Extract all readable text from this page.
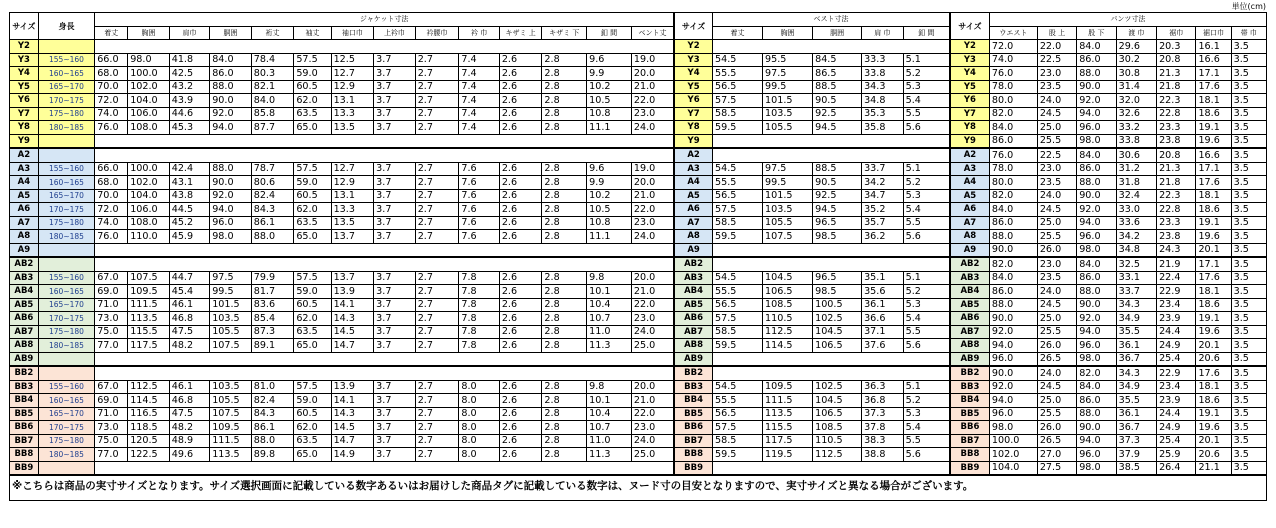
単位(cm)
サイズ	身長	ジャケット寸法														サイズ	ベスト寸法					サイズ	パンツ寸法						
		着丈	胸囲	肩巾	胴囲	裄丈	袖丈	袖口巾	上衿巾	衿腰巾	衿 巾	キザミ 上	キザミ 下	釦 間	ベント丈		着丈	胸囲	胴囲	肩 巾	釦 間		ウエスト	股 上	股 下	渡 巾	裾巾	裾口巾	帯 巾
Y2																Y2						Y2	72.0	22.0	84.0	29.6	20.3	16.1	3.5
Y3	155~160	66.0	98.0	41.8	84.0	78.4	57.5	12.5	3.7	2.7	7.4	2.6	2.8	9.6	19.0	Y3	54.5	95.5	84.5	33.3	5.1	Y3	74.0	22.5	86.0	30.2	20.8	16.6	3.5
Y4	160~165	68.0	100.0	42.5	86.0	80.3	59.0	12.7	3.7	2.7	7.4	2.6	2.8	9.9	20.0	Y4	55.5	97.5	86.5	33.8	5.2	Y4	76.0	23.0	88.0	30.8	21.3	17.1	3.5
Y5	165~170	70.0	102.0	43.2	88.0	82.1	60.5	12.9	3.7	2.7	7.4	2.6	2.8	10.2	21.0	Y5	56.5	99.5	88.5	34.3	5.3	Y5	78.0	23.5	90.0	31.4	21.8	17.6	3.5
Y6	170~175	72.0	104.0	43.9	90.0	84.0	62.0	13.1	3.7	2.7	7.4	2.6	2.8	10.5	22.0	Y6	57.5	101.5	90.5	34.8	5.4	Y6	80.0	24.0	92.0	32.0	22.3	18.1	3.5
Y7	175~180	74.0	106.0	44.6	92.0	85.8	63.5	13.3	3.7	2.7	7.4	2.6	2.8	10.8	23.0	Y7	58.5	103.5	92.5	35.3	5.5	Y7	82.0	24.5	94.0	32.6	22.8	18.6	3.5
Y8	180~185	76.0	108.0	45.3	94.0	87.7	65.0	13.5	3.7	2.7	7.4	2.6	2.8	11.1	24.0	Y8	59.5	105.5	94.5	35.8	5.6	Y8	84.0	25.0	96.0	33.2	23.3	19.1	3.5
Y9																Y9						Y9	86.0	25.5	98.0	33.8	23.8	19.6	3.5
A2																A2						A2	76.0	22.5	84.0	30.6	20.8	16.6	3.5
A3	155~160	66.0	100.0	42.4	88.0	78.7	57.5	12.7	3.7	2.7	7.6	2.6	2.8	9.6	19.0	A3	54.5	97.5	88.5	33.7	5.1	A3	78.0	23.0	86.0	31.2	21.3	17.1	3.5
A4	160~165	68.0	102.0	43.1	90.0	80.6	59.0	12.9	3.7	2.7	7.6	2.6	2.8	9.9	20.0	A4	55.5	99.5	90.5	34.2	5.2	A4	80.0	23.5	88.0	31.8	21.8	17.6	3.5
A5	165~170	70.0	104.0	43.8	92.0	82.4	60.5	13.1	3.7	2.7	7.6	2.6	2.8	10.2	21.0	A5	56.5	101.5	92.5	34.7	5.3	A5	82.0	24.0	90.0	32.4	22.3	18.1	3.5
A6	170~175	72.0	106.0	44.5	94.0	84.3	62.0	13.3	3.7	2.7	7.6	2.6	2.8	10.5	22.0	A6	57.5	103.5	94.5	35.2	5.4	A6	84.0	24.5	92.0	33.0	22.8	18.6	3.5
A7	175~180	74.0	108.0	45.2	96.0	86.1	63.5	13.5	3.7	2.7	7.6	2.6	2.8	10.8	23.0	A7	58.5	105.5	96.5	35.7	5.5	A7	86.0	25.0	94.0	33.6	23.3	19.1	3.5
A8	180~185	76.0	110.0	45.9	98.0	88.0	65.0	13.7	3.7	2.7	7.6	2.6	2.8	11.1	24.0	A8	59.5	107.5	98.5	36.2	5.6	A8	88.0	25.5	96.0	34.2	23.8	19.6	3.5
A9																A9						A9	90.0	26.0	98.0	34.8	24.3	20.1	3.5
AB2																AB2						AB2	82.0	23.0	84.0	32.5	21.9	17.1	3.5
AB3	155~160	67.0	107.5	44.7	97.5	79.9	57.5	13.7	3.7	2.7	7.8	2.6	2.8	9.8	20.0	AB3	54.5	104.5	96.5	35.1	5.1	AB3	84.0	23.5	86.0	33.1	22.4	17.6	3.5
AB4	160~165	69.0	109.5	45.4	99.5	81.7	59.0	13.9	3.7	2.7	7.8	2.6	2.8	10.1	21.0	AB4	55.5	106.5	98.5	35.6	5.2	AB4	86.0	24.0	88.0	33.7	22.9	18.1	3.5
AB5	165~170	71.0	111.5	46.1	101.5	83.6	60.5	14.1	3.7	2.7	7.8	2.6	2.8	10.4	22.0	AB5	56.5	108.5	100.5	36.1	5.3	AB5	88.0	24.5	90.0	34.3	23.4	18.6	3.5
AB6	170~175	73.0	113.5	46.8	103.5	85.4	62.0	14.3	3.7	2.7	7.8	2.6	2.8	10.7	23.0	AB6	57.5	110.5	102.5	36.6	5.4	AB6	90.0	25.0	92.0	34.9	23.9	19.1	3.5
AB7	175~180	75.0	115.5	47.5	105.5	87.3	63.5	14.5	3.7	2.7	7.8	2.6	2.8	11.0	24.0	AB7	58.5	112.5	104.5	37.1	5.5	AB7	92.0	25.5	94.0	35.5	24.4	19.6	3.5
AB8	180~185	77.0	117.5	48.2	107.5	89.1	65.0	14.7	3.7	2.7	7.8	2.6	2.8	11.3	25.0	AB8	59.5	114.5	106.5	37.6	5.6	AB8	94.0	26.0	96.0	36.1	24.9	20.1	3.5
AB9																AB9						AB9	96.0	26.5	98.0	36.7	25.4	20.6	3.5
BB2																BB2						BB2	90.0	24.0	82.0	34.3	22.9	17.6	3.5
BB3	155~160	67.0	112.5	46.1	103.5	81.0	57.5	13.9	3.7	2.7	8.0	2.6	2.8	9.8	20.0	BB3	54.5	109.5	102.5	36.3	5.1	BB3	92.0	24.5	84.0	34.9	23.4	18.1	3.5
BB4	160~165	69.0	114.5	46.8	105.5	82.4	59.0	14.1	3.7	2.7	8.0	2.6	2.8	10.1	21.0	BB4	55.5	111.5	104.5	36.8	5.2	BB4	94.0	25.0	86.0	35.5	23.9	18.6	3.5
BB5	165~170	71.0	116.5	47.5	107.5	84.3	60.5	14.3	3.7	2.7	8.0	2.6	2.8	10.4	22.0	BB5	56.5	113.5	106.5	37.3	5.3	BB5	96.0	25.5	88.0	36.1	24.4	19.1	3.5
BB6	170~175	73.0	118.5	48.2	109.5	86.1	62.0	14.5	3.7	2.7	8.0	2.6	2.8	10.7	23.0	BB6	57.5	115.5	108.5	37.8	5.4	BB6	98.0	26.0	90.0	36.7	24.9	19.6	3.5
BB7	175~180	75.0	120.5	48.9	111.5	88.0	63.5	14.7	3.7	2.7	8.0	2.6	2.8	11.0	24.0	BB7	58.5	117.5	110.5	38.3	5.5	BB7	100.0	26.5	94.0	37.3	25.4	20.1	3.5
BB8	180~185	77.0	122.5	49.6	113.5	89.8	65.0	14.9	3.7	2.7	8.0	2.6	2.8	11.3	25.0	BB8	59.5	119.5	112.5	38.8	5.6	BB8	102.0	27.0	96.0	37.9	25.9	20.6	3.5
BB9																BB9						BB9	104.0	27.5	98.0	38.5	26.4	21.1	3.5
※こちらは商品の実寸サイズとなります。サイズ選択画面に記載している数字あるいはお届けした商品タグに記載している数字は、ヌード寸の目安となりますので、実寸サイズと異なる場合がございます。																													
